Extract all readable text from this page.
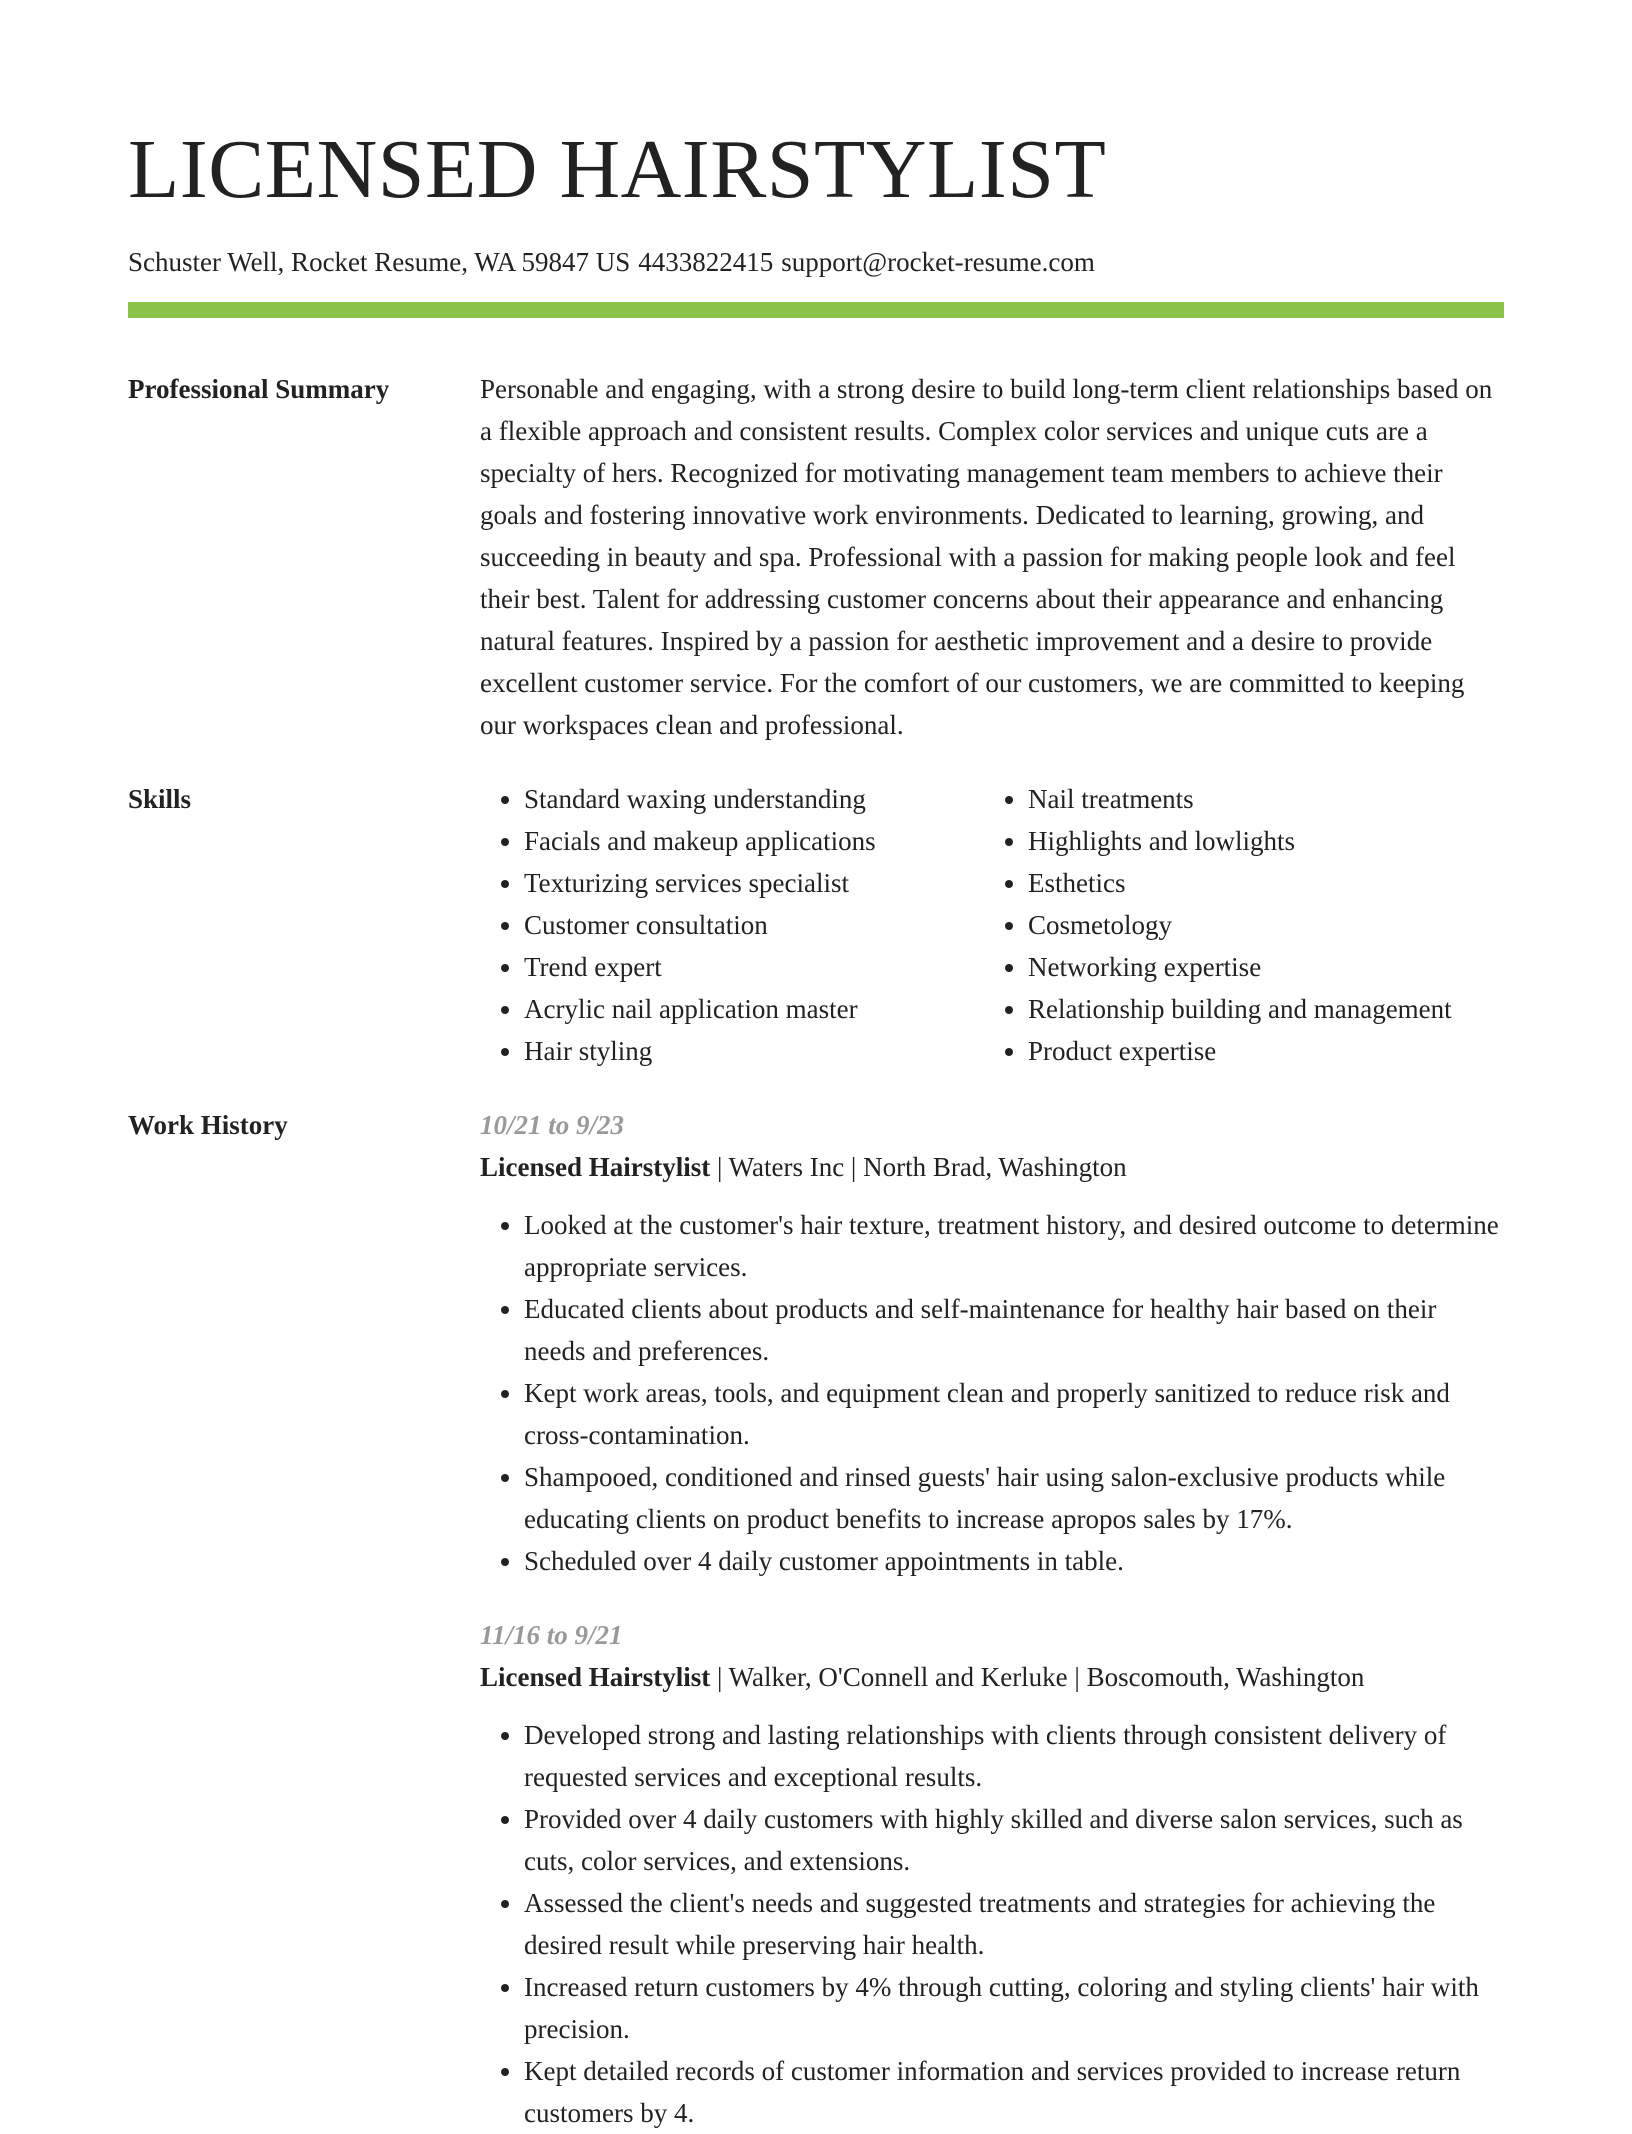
LICENSED HAIRSTYLIST
Schuster Well, Rocket Resume, WA 59847 US 4433822415 support@rocket-resume.com
Professional Summary	Personable and engaging, with a strong desire to build long-term client relationships based on a flexible approach and consistent results. Complex color services and unique cuts are a specialty of hers. Recognized for motivating management team members to achieve their goals and fostering innovative work environments. Dedicated to learning, growing, and succeeding in beauty and spa. Professional with a passion for making people look and feel their best. Talent for addressing customer concerns about their appearance and enhancing natural features. Inspired by a passion for aesthetic improvement and a desire to provide excellent customer service. For the comfort of our customers, we are committed to keeping our workspaces clean and professional.

Skills
•	Standard waxing understanding
• Facials and makeup applications
• Texturizing services specialist
• Customer consultation
• Trend expert
• Acrylic nail application master
• Hair styling
• Nail treatments
• Highlights and lowlights
• Esthetics
• Cosmetology
• Networking expertise
• Relationship building and management
• Product expertise
Work History	10/21 to 9/23
Licensed Hairstylist | Waters Inc | North Brad, Washington
• Looked at the customer's hair texture, treatment history, and desired outcome to determine appropriate services.
• Educated clients about products and self-maintenance for healthy hair based on their needs and preferences.
• Kept work areas, tools, and equipment clean and properly sanitized to reduce risk and cross-contamination.
• Shampooed, conditioned and rinsed guests' hair using salon-exclusive products while educating clients on product benefits to increase apropos sales by 17%.
• Scheduled over 4 daily customer appointments in table.
11/16 to 9/21
Licensed Hairstylist | Walker, O'Connell and Kerluke | Boscomouth, Washington
• Developed strong and lasting relationships with clients through consistent delivery of requested services and exceptional results.
• Provided over 4 daily customers with highly skilled and diverse salon services, such as cuts, color services, and extensions.
• Assessed the client's needs and suggested treatments and strategies for achieving the desired result while preserving hair health.
• Increased return customers by 4% through cutting, coloring and styling clients' hair with precision.
• Kept detailed records of customer information and services provided to increase return customers by 4.
